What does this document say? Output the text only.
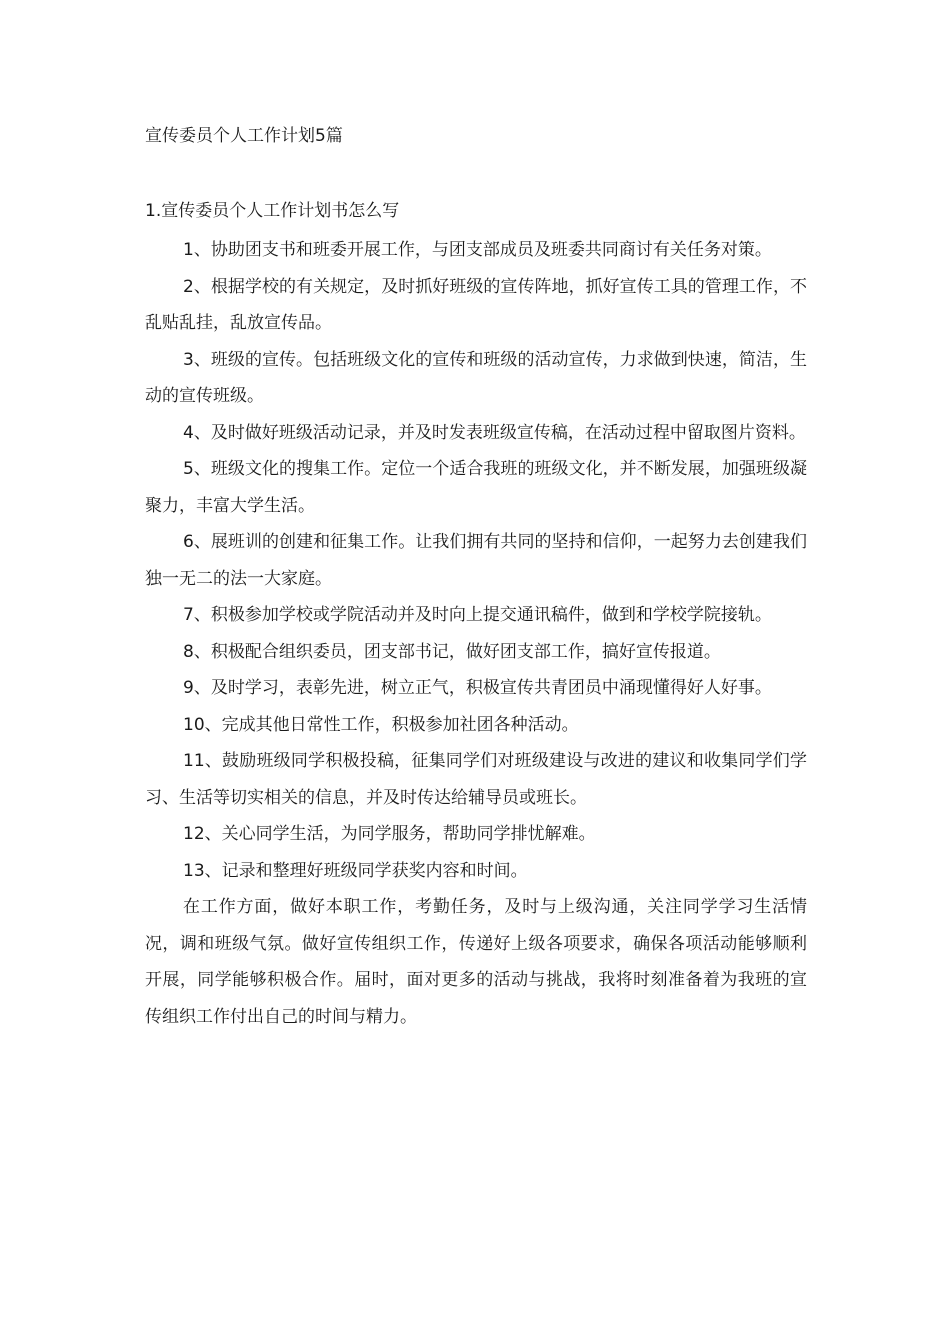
宣传委员个人工作计划5篇
1.宣传委员个人工作计划书怎么写

1、协助团支书和班委开展工作，与团支部成员及班委共同商讨有关任务对策。

2、根据学校的有关规定，及时抓好班级的宣传阵地，抓好宣传工具的管理工作，不乱贴乱挂，乱放宣传品。

3、班级的宣传。包括班级文化的宣传和班级的活动宣传，力求做到快速，简洁，生动的宣传班级。

4、及时做好班级活动记录，并及时发表班级宣传稿，在活动过程中留取图片资料。

5、班级文化的搜集工作。定位一个适合我班的班级文化，并不断发展，加强班级凝聚力，丰富大学生活。

6、展班训的创建和征集工作。让我们拥有共同的坚持和信仰，一起努力去创建我们独一无二的法一大家庭。

7、积极参加学校或学院活动并及时向上提交通讯稿件，做到和学校学院接轨。

8、积极配合组织委员，团支部书记，做好团支部工作，搞好宣传报道。

9、及时学习，表彰先进，树立正气，积极宣传共青团员中涌现懂得好人好事。

10、完成其他日常性工作，积极参加社团各种活动。

11、鼓励班级同学积极投稿，征集同学们对班级建设与改进的建议和收集同学们学习、生活等切实相关的信息，并及时传达给辅导员或班长。

12、关心同学生活，为同学服务，帮助同学排忧解难。

13、记录和整理好班级同学获奖内容和时间。

在工作方面，做好本职工作，考勤任务，及时与上级沟通，关注同学学习生活情况，调和班级气氛。做好宣传组织工作，传递好上级各项要求，确保各项活动能够顺利开展，同学能够积极合作。届时，面对更多的活动与挑战，我将时刻准备着为我班的宣传组织工作付出自己的时间与精力。
